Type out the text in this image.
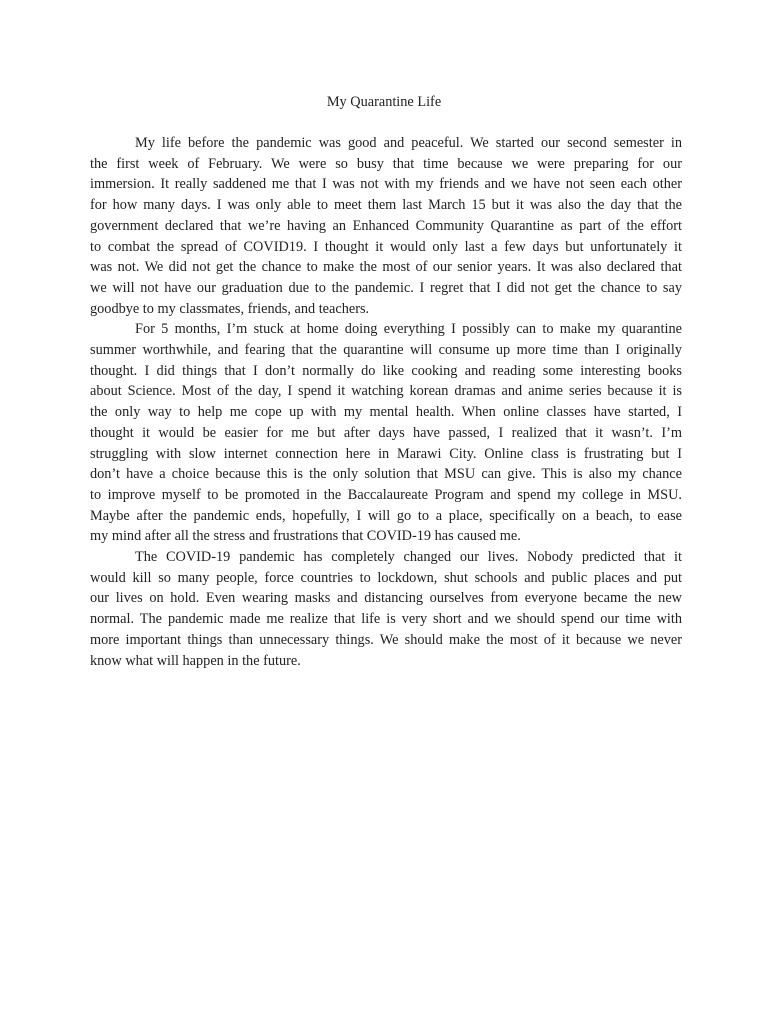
My Quarantine Life

My life before the pandemic was good and peaceful. We started our second semester in
the first week of February. We were so busy that time because we were preparing for our
immersion. It really saddened me that I was not with my friends and we have not seen each other
for how many days. I was only able to meet them last March 15 but it was also the day that the
government declared that we’re having an Enhanced Community Quarantine as part of the effort
to combat the spread of COVID19. I thought it would only last a few days but unfortunately it
was not. We did not get the chance to make the most of our senior years. It was also declared that
we will not have our graduation due to the pandemic. I regret that I did not get the chance to say
goodbye to my classmates, friends, and teachers.

For 5 months, I’m stuck at home doing everything I possibly can to make my quarantine
summer worthwhile, and fearing that the quarantine will consume up more time than I originally
thought. I did things that I don’t normally do like cooking and reading some interesting books
about Science. Most of the day, I spend it watching korean dramas and anime series because it is
the only way to help me cope up with my mental health. When online classes have started, I
thought it would be easier for me but after days have passed, I realized that it wasn’t. I’m
struggling with slow internet connection here in Marawi City. Online class is frustrating but I
don’t have a choice because this is the only solution that MSU can give. This is also my chance
to improve myself to be promoted in the Baccalaureate Program and spend my college in MSU.
Maybe after the pandemic ends, hopefully, I will go to a place, specifically on a beach, to ease
my mind after all the stress and frustrations that COVID-19 has caused me.

The COVID-19 pandemic has completely changed our lives. Nobody predicted that it
would kill so many people, force countries to lockdown, shut schools and public places and put
our lives on hold. Even wearing masks and distancing ourselves from everyone became the new
normal. The pandemic made me realize that life is very short and we should spend our time with
more important things than unnecessary things. We should make the most of it because we never
know what will happen in the future.
